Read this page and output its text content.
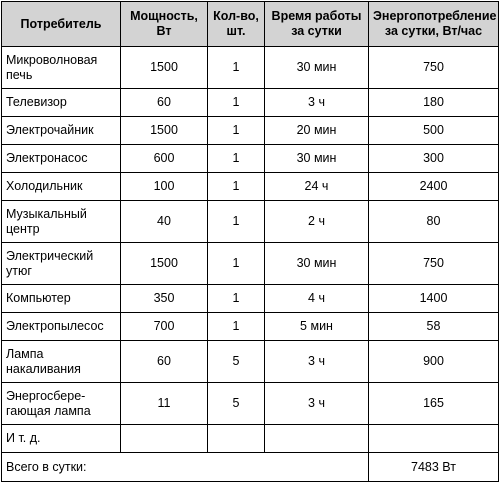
Потребитель	Мощность, Вт	Кол-во, шт.	Время работы за сутки	Энергопотребление за сутки, Вт/час
Микроволновая печь	1500	1	30 мин	750
Телевизор	60	1	3 ч	180
Электрочайник	1500	1	20 мин	500
Электронасос	600	1	30 мин	300
Холодильник	100	1	24 ч	2400
Музыкальный центр	40	1	2 ч	80
Электрический утюг	1500	1	30 мин	750
Компьютер	350	1	4 ч	1400
Электропылесос	700	1	5 мин	58
Лампа накаливания	60	5	3 ч	900
Энергосбере-гающая лампа	11	5	3 ч	165
И т. д.				
Всего в сутки:				7483 Вт
